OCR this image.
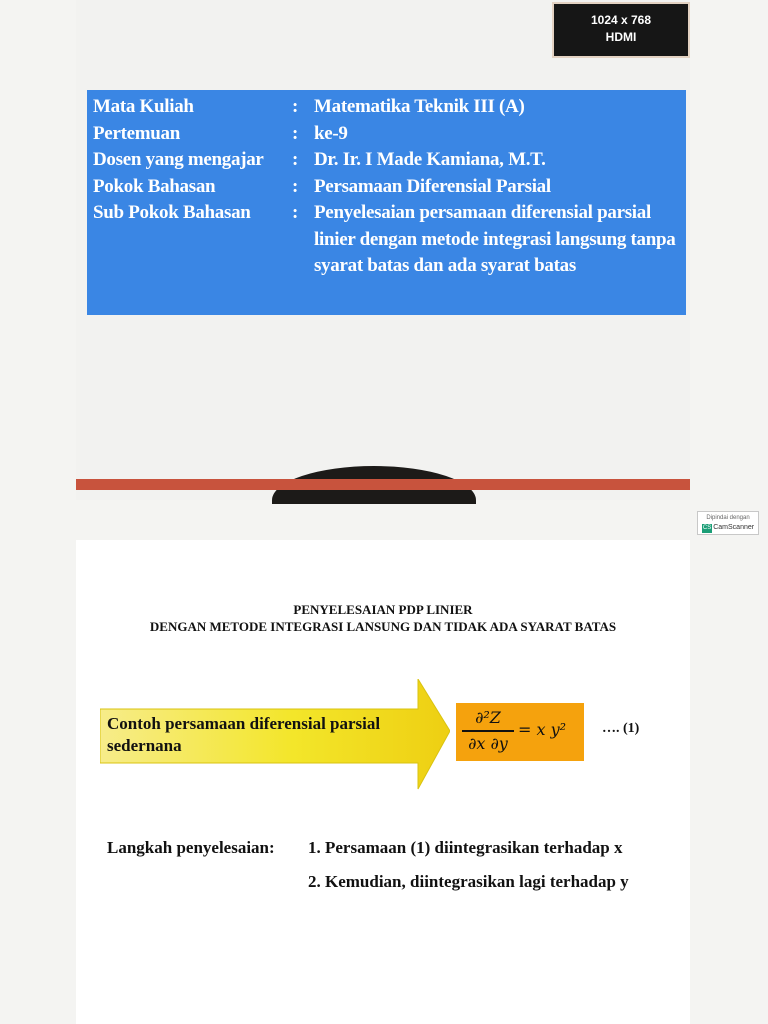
1024 x 768
HDMI
Mata Kuliah	: Matematika Teknik III (A)
Pertemuan	: ke-9
Dosen yang mengajar	: Dr. Ir. I Made Kamiana, M.T.
Pokok Bahasan	: Persamaan Diferensial Parsial
Sub Pokok Bahasan	: Penyelesaian persamaan diferensial parsial linier dengan metode integrasi langsung tanpa syarat batas dan ada syarat batas
Dipindai dengan
CS CamScanner
PENYELESAIAN PDP LINIER
DENGAN METODE INTEGRASI LANSUNG DAN TIDAK ADA SYARAT BATAS
Contoh persamaan diferensial parsial sedernana
∂²Z
∂x ∂y
= x y²	…. (1)
Langkah penyelesaian: 1. Persamaan (1) diintegrasikan terhadap x
2. Kemudian, diintegrasikan lagi terhadap y
